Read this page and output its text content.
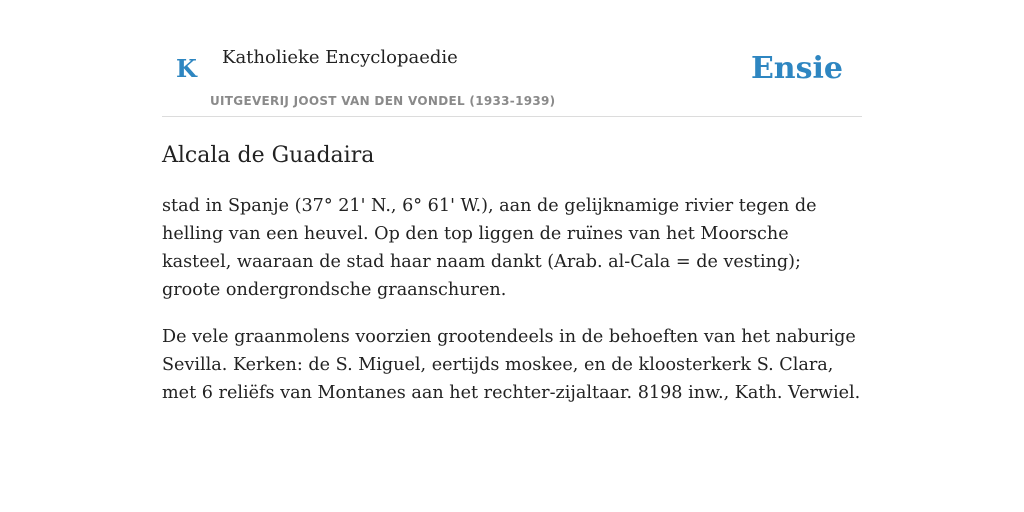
K Katholieke Encyclopaedie
UITGEVERIJ JOOST VAN DEN VONDEL (1933-1939)
Ensie
Alcala de Guadaira

stad in Spanje (37° 21' N., 6° 61' W.), aan de gelijknamige rivier tegen de helling van een heuvel. Op den top liggen de ruïnes van het Moorsche kasteel, waaraan de stad haar naam dankt (Arab. al-Cala = de vesting); groote ondergrondsche graanschuren.

De vele graanmolens voorzien grootendeels in de behoeften van het naburige Sevilla. Kerken: de S. Miguel, eertijds moskee, en de kloosterkerk S. Clara, met 6 reliëfs van Montanes aan het rechter-zijaltaar. 8198 inw., Kath. Verwiel.
